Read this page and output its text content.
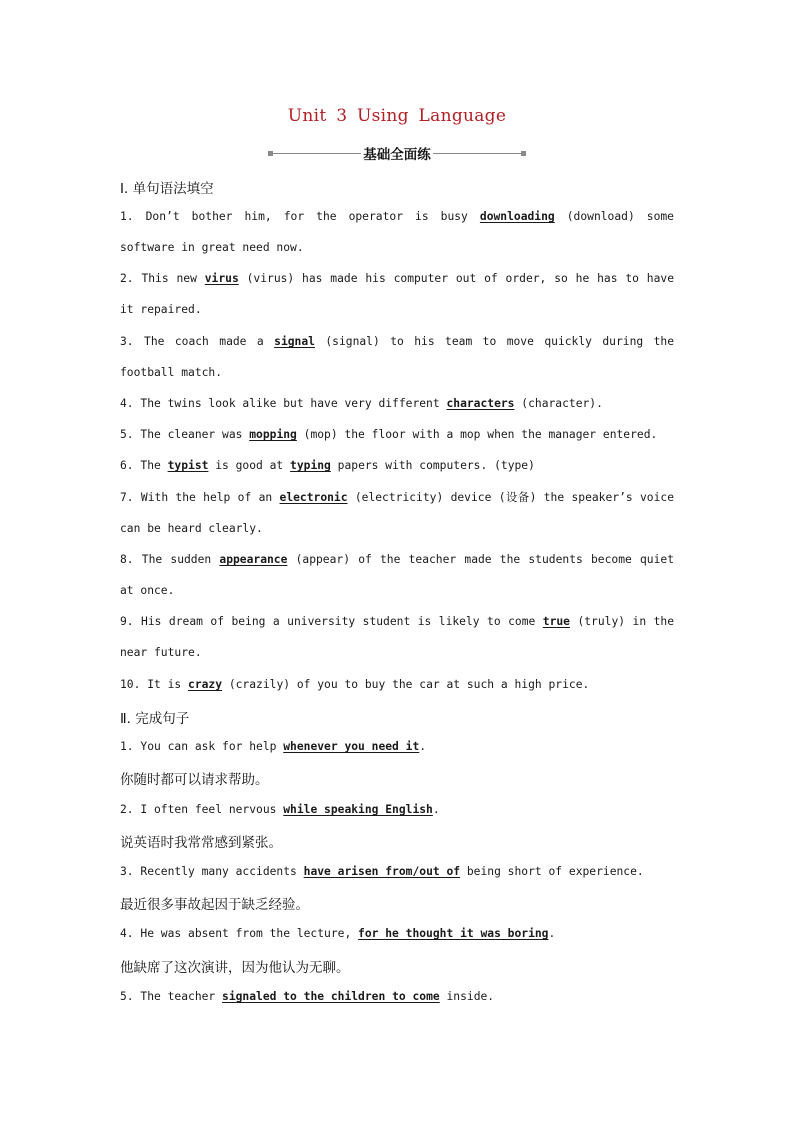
Unit 3 Using Language
基础全面练
Ⅰ. 单句语法填空
1. Don’t bother him, for the operator is busy downloading (download) some software in great need now.
2. This new virus (virus) has made his computer out of order, so he has to have it repaired.
3. The coach made a signal (signal) to his team to move quickly during the football match.
4. The twins look alike but have very different characters (character).
5. The cleaner was mopping (mop) the floor with a mop when the manager entered.
6. The typist is good at typing papers with computers. (type)
7. With the help of an electronic (electricity) device (设备) the speaker’s voice can be heard clearly.
8. The sudden appearance (appear) of the teacher made the students become quiet at once.
9. His dream of being a university student is likely to come true (truly) in the near future.
10. It is crazy (crazily) of you to buy the car at such a high price.
Ⅱ. 完成句子
1. You can ask for help whenever you need it.
你随时都可以请求帮助。
2. I often feel nervous while speaking English.
说英语时我常常感到紧张。
3. Recently many accidents have arisen from/out of being short of experience.
最近很多事故起因于缺乏经验。
4. He was absent from the lecture, for he thought it was boring.
他缺席了这次演讲，因为他认为无聊。
5. The teacher signaled to the children to come inside.
